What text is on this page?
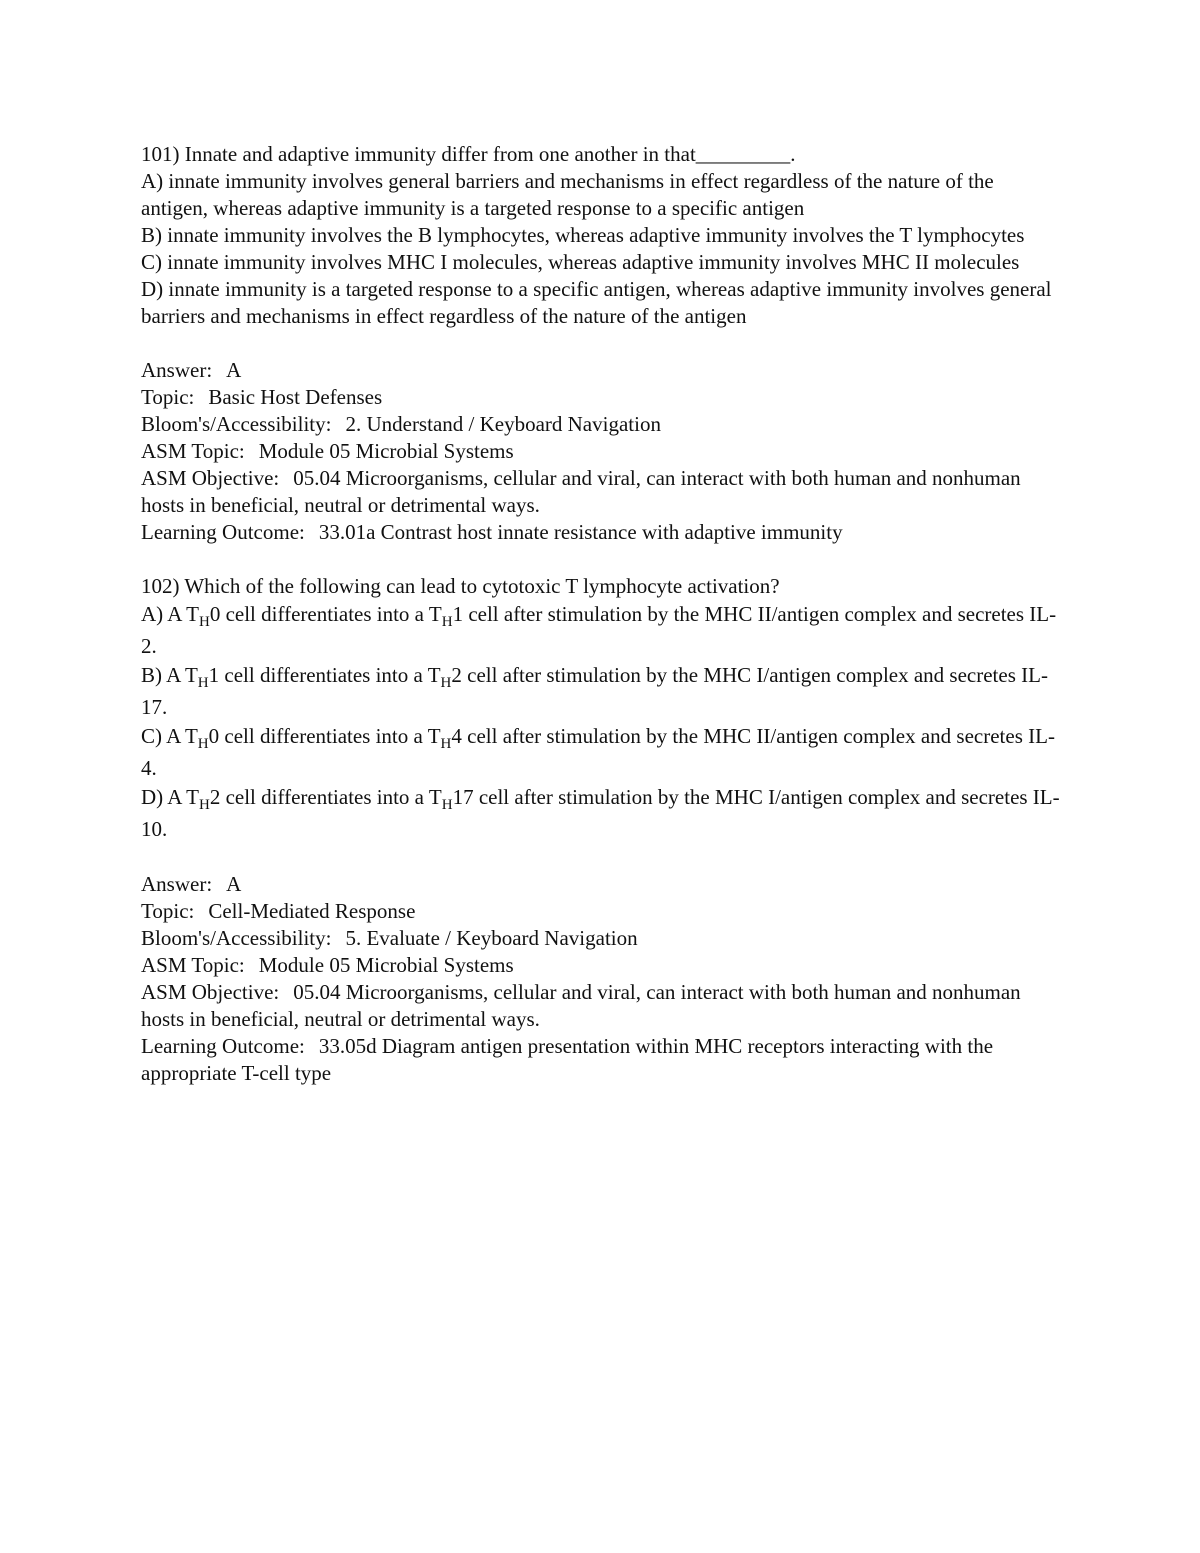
101) Innate and adaptive immunity differ from one another in that_________.
A) innate immunity involves general barriers and mechanisms in effect regardless of the nature of the antigen, whereas adaptive immunity is a targeted response to a specific antigen
B) innate immunity involves the B lymphocytes, whereas adaptive immunity involves the T lymphocytes
C) innate immunity involves MHC I molecules, whereas adaptive immunity involves MHC II molecules
D) innate immunity is a targeted response to a specific antigen, whereas adaptive immunity involves general barriers and mechanisms in effect regardless of the nature of the antigen
Answer: A
Topic: Basic Host Defenses
Bloom's/Accessibility: 2. Understand / Keyboard Navigation
ASM Topic: Module 05 Microbial Systems
ASM Objective: 05.04 Microorganisms, cellular and viral, can interact with both human and nonhuman hosts in beneficial, neutral or detrimental ways.
Learning Outcome: 33.01a Contrast host innate resistance with adaptive immunity
102) Which of the following can lead to cytotoxic T lymphocyte activation?
A) A $T_H0$ cell differentiates into a $T_H1$ cell after stimulation by the MHC II/antigen complex and secretes IL-2.
B) A $T_H1$ cell differentiates into a $T_H2$ cell after stimulation by the MHC I/antigen complex and secretes IL-17.
C) A $T_H0$ cell differentiates into a $T_H4$ cell after stimulation by the MHC II/antigen complex and secretes IL-4.
D) A $T_H2$ cell differentiates into a $T_H17$ cell after stimulation by the MHC I/antigen complex and secretes IL-10.
Answer: A
Topic: Cell-Mediated Response
Bloom's/Accessibility: 5. Evaluate / Keyboard Navigation
ASM Topic: Module 05 Microbial Systems
ASM Objective: 05.04 Microorganisms, cellular and viral, can interact with both human and nonhuman hosts in beneficial, neutral or detrimental ways.
Learning Outcome: 33.05d Diagram antigen presentation within MHC receptors interacting with the appropriate T-cell type
